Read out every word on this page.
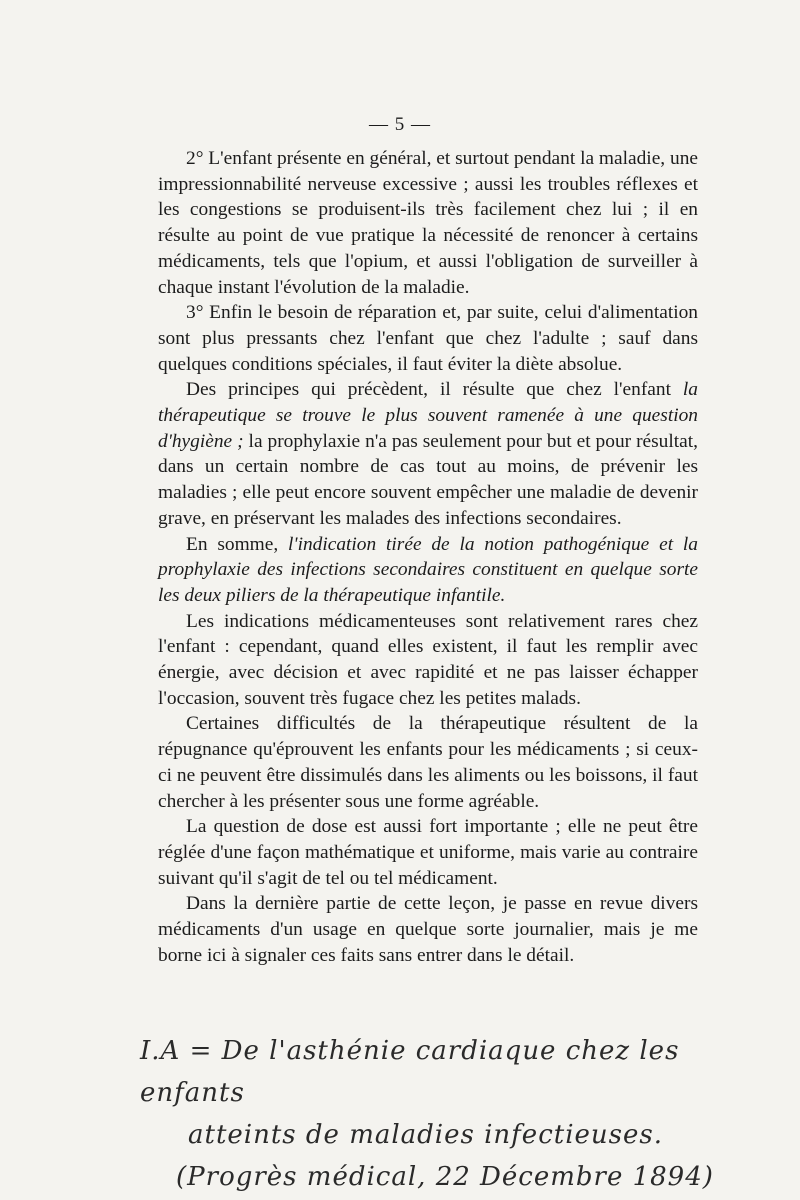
— 5 —

2° L'enfant présente en général, et surtout pendant la maladie, une impressionnabilité nerveuse excessive ; aussi les troubles réflexes et les congestions se produisent-ils très facilement chez lui ; il en résulte au point de vue pratique la nécessité de renoncer à certains médicaments, tels que l'opium, et aussi l'obligation de surveiller à chaque instant l'évolution de la maladie.

3° Enfin le besoin de réparation et, par suite, celui d'alimentation sont plus pressants chez l'enfant que chez l'adulte ; sauf dans quelques conditions spéciales, il faut éviter la diète absolue.

Des principes qui précèdent, il résulte que chez l'enfant la thérapeutique se trouve le plus souvent ramenée à une question d'hygiène ; la prophylaxie n'a pas seulement pour but et pour résultat, dans un certain nombre de cas tout au moins, de prévenir les maladies ; elle peut encore souvent empêcher une maladie de devenir grave, en préservant les malades des infections secondaires.

En somme, l'indication tirée de la notion pathogénique et la prophylaxie des infections secondaires constituent en quelque sorte les deux piliers de la thérapeutique infantile.

Les indications médicamenteuses sont relativement rares chez l'enfant : cependant, quand elles existent, il faut les remplir avec énergie, avec décision et avec rapidité et ne pas laisser échapper l'occasion, souvent très fugace chez les petites malads.

Certaines difficultés de la thérapeutique résultent de la répugnance qu'éprouvent les enfants pour les médicaments ; si ceux-ci ne peuvent être dissimulés dans les aliments ou les boissons, il faut chercher à les présenter sous une forme agréable.

La question de dose est aussi fort importante ; elle ne peut être réglée d'une façon mathématique et uniforme, mais varie au contraire suivant qu'il s'agit de tel ou tel médicament.

Dans la dernière partie de cette leçon, je passe en revue divers médicaments d'un usage en quelque sorte journalier, mais je me borne ici à signaler ces faits sans entrer dans le détail.

I.A = De l'asthénie cardiaque chez les enfants
atteints de maladies infectieuses.
(Progrès médical, 22 Décembre 1894)
